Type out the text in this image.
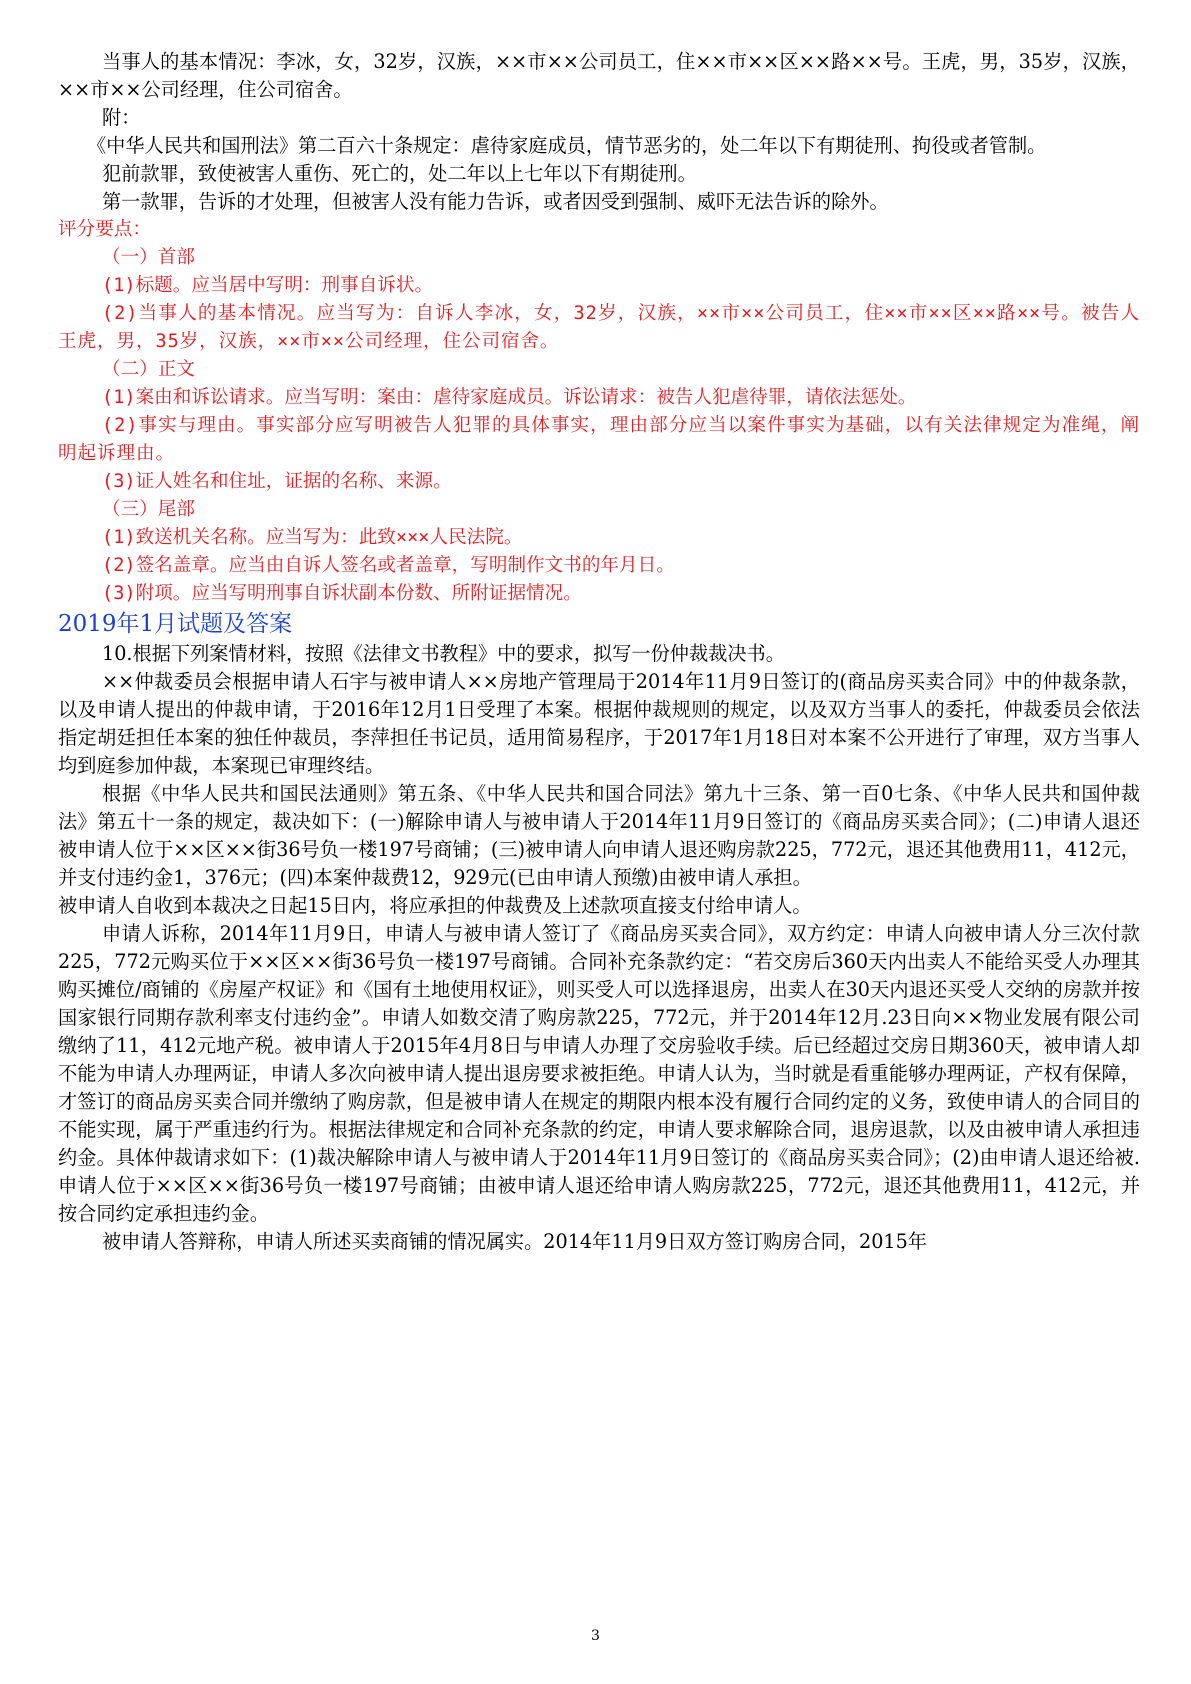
当事人的基本情况：李冰，女，32岁，汉族，××市××公司员工，住××市××区××路××号。王虎，男，35岁，汉族，××市××公司经理，住公司宿舍。

附：

《中华人民共和国刑法》第二百六十条规定：虐待家庭成员，情节恶劣的，处二年以下有期徒刑、拘役或者管制。

犯前款罪，致使被害人重伤、死亡的，处二年以上七年以下有期徒刑。

第一款罪，告诉的才处理，但被害人没有能力告诉，或者因受到强制、威吓无法告诉的除外。

评分要点：

（一）首部

(1)标题。应当居中写明：刑事自诉状。

(2)当事人的基本情况。应当写为：自诉人李冰，女，32岁，汉族，××市××公司员工，住××市××区××路××号。被告人王虎，男，35岁，汉族，××市××公司经理，住公司宿舍。

（二）正文

(1)案由和诉讼请求。应当写明：案由：虐待家庭成员。诉讼请求：被告人犯虐待罪，请依法惩处。

(2)事实与理由。事实部分应写明被告人犯罪的具体事实，理由部分应当以案件事实为基础，以有关法律规定为准绳，阐明起诉理由。

(3)证人姓名和住址，证据的名称、来源。

（三）尾部

(1)致送机关名称。应当写为：此致×××人民法院。

(2)签名盖章。应当由自诉人签名或者盖章，写明制作文书的年月日。

(3)附项。应当写明刑事自诉状副本份数、所附证据情况。

2019年1月试题及答案

10.根据下列案情材料，按照《法律文书教程》中的要求，拟写一份仲裁裁决书。

××仲裁委员会根据申请人石宇与被申请人××房地产管理局于2014年11月9日签订的(商品房买卖合同》中的仲裁条款，以及申请人提出的仲裁申请，于2016年12月1日受理了本案。根据仲裁规则的规定，以及双方当事人的委托，仲裁委员会依法指定胡廷担任本案的独任仲裁员，李萍担任书记员，适用简易程序，于2017年1月18日对本案不公开进行了审理，双方当事人均到庭参加仲裁，本案现已审理终结。

根据《中华人民共和国民法通则》第五条、《中华人民共和国合同法》第九十三条、第一百0七条、《中华人民共和国仲裁法》第五十一条的规定，裁决如下：(一)解除申请人与被申请人于2014年11月9日签订的《商品房买卖合同》；(二)申请人退还被申请人位于××区××街36号负一楼197号商铺；(三)被申请人向申请人退还购房款225，772元，退还其他费用11，412元，并支付违约金1，376元；(四)本案仲裁费12，929元(已由申请人预缴)由被申请人承担。

被申请人自收到本裁决之日起15日内，将应承担的仲裁费及上述款项直接支付给申请人。

申请人诉称，2014年11月9日，申请人与被申请人签订了《商品房买卖合同》，双方约定：申请人向被申请人分三次付款225，772元购买位于××区××街36号负一楼197号商铺。合同补充条款约定：“若交房后360天内出卖人不能给买受人办理其购买摊位/商铺的《房屋产权证》和《国有土地使用权证》，则买受人可以选择退房，出卖人在30天内退还买受人交纳的房款并按国家银行同期存款利率支付违约金”。申请人如数交清了购房款225，772元，并于2014年12月.23日向××物业发展有限公司缴纳了11，412元地产税。被申请人于2015年4月8日与申请人办理了交房验收手续。后已经超过交房日期360天，被申请人却不能为申请人办理两证，申请人多次向被申请人提出退房要求被拒绝。申请人认为，当时就是看重能够办理两证，产权有保障，才签订的商品房买卖合同并缴纳了购房款，但是被申请人在规定的期限内根本没有履行合同约定的义务，致使申请人的合同目的不能实现，属于严重违约行为。根据法律规定和合同补充条款的约定，申请人要求解除合同，退房退款，以及由被申请人承担违约金。具体仲裁请求如下：(1)裁决解除申请人与被申请人于2014年11月9日签订的《商品房买卖合同》；(2)由申请人退还给被.申请人位于××区××街36号负一楼197号商铺；由被申请人退还给申请人购房款225，772元，退还其他费用11，412元，并按合同约定承担违约金。

被申请人答辩称，申请人所述买卖商铺的情况属实。2014年11月9日双方签订购房合同，2015年

3
